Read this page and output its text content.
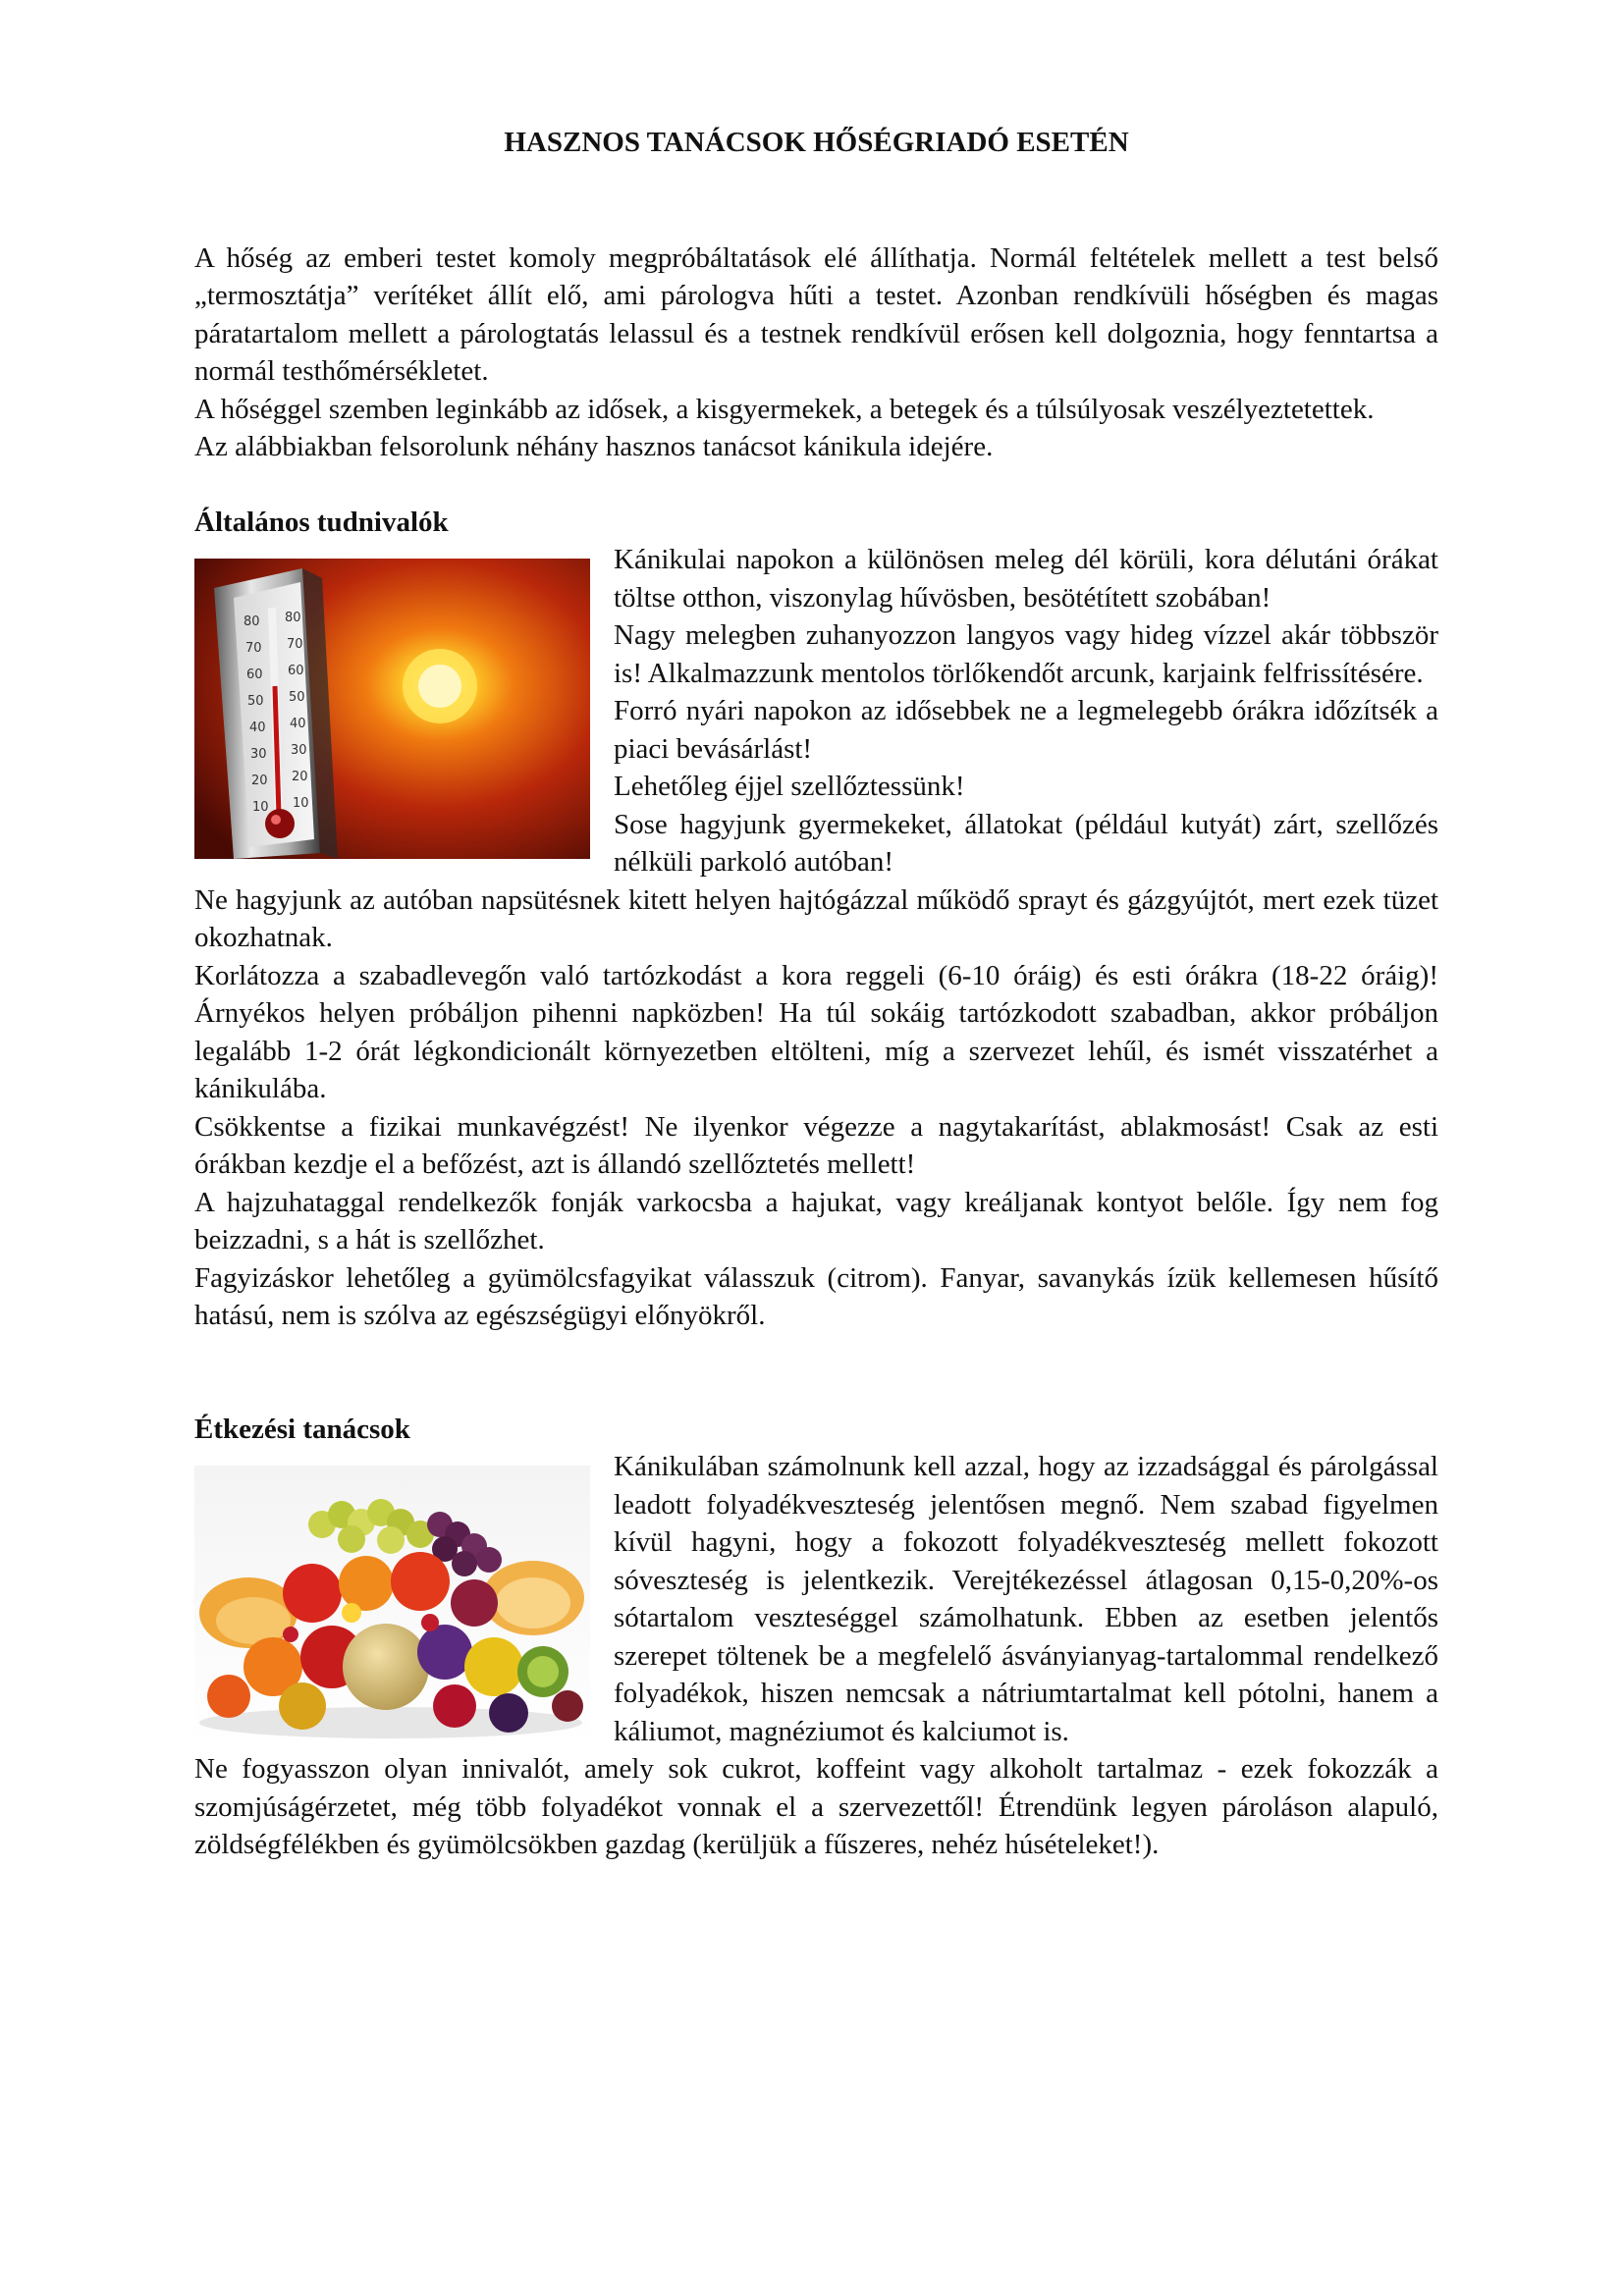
HASZNOS TANÁCSOK HŐSÉGRIADÓ ESETÉN

A hőség az emberi testet komoly megpróbáltatások elé állíthatja. Normál feltételek mellett a test belső „termosztátja” verítéket állít elő, ami párologva hűti a testet. Azonban rendkívüli hőségben és magas páratartalom mellett a párologtatás lelassul és a testnek rendkívül erősen kell dolgoznia, hogy fenntartsa a normál testhőmérsékletet.

A hőséggel szemben leginkább az idősek, a kisgyermekek, a betegek és a túlsúlyosak veszélyeztetettek.

Az alábbiakban felsorolunk néhány hasznos tanácsot kánikula idejére.

Általános tudnivalók
80
70
60
50
40
30
20
10
80
70
60
50
40
30
20
10

Kánikulai napokon a különösen meleg dél körüli, kora délutáni órákat töltse otthon, viszonylag hűvösben, besötétített szobában!

Nagy melegben zuhanyozzon langyos vagy hideg vízzel akár többször is! Alkalmazzunk mentolos törlőkendőt arcunk, karjaink felfrissítésére.

Forró nyári napokon az idősebbek ne a legmelegebb órákra időzítsék a piaci bevásárlást!

Lehetőleg éjjel szellőztessünk!

Sose hagyjunk gyermekeket, állatokat (például kutyát) zárt, szellőzés nélküli parkoló autóban!

Ne hagyjunk az autóban napsütésnek kitett helyen hajtógázzal működő sprayt és gázgyújtót, mert ezek tüzet okozhatnak.

Korlátozza a szabadlevegőn való tartózkodást a kora reggeli (6-10 óráig) és esti órákra (18-22 óráig)! Árnyékos helyen próbáljon pihenni napközben! Ha túl sokáig tartózkodott szabadban, akkor próbáljon legalább 1-2 órát légkondicionált környezetben eltölteni, míg a szervezet lehűl, és ismét visszatérhet a kánikulába.

Csökkentse a fizikai munkavégzést! Ne ilyenkor végezze a nagytakarítást, ablakmosást! Csak az esti órákban kezdje el a befőzést, azt is állandó szellőztetés mellett!

A hajzuhataggal rendelkezők fonják varkocsba a hajukat, vagy kreáljanak kontyot belőle. Így nem fog beizzadni, s a hát is szellőzhet.

Fagyizáskor lehetőleg a gyümölcsfagyikat válasszuk (citrom). Fanyar, savanykás ízük kellemesen hűsítő hatású, nem is szólva az egészségügyi előnyökről.

Étkezési tanácsok

Kánikulában számolnunk kell azzal, hogy az izzadsággal és párolgással leadott folyadékveszteség jelentősen megnő. Nem szabad figyelmen kívül hagyni, hogy a fokozott folyadékveszteség mellett fokozott sóveszteség is jelentkezik. Verejtékezéssel átlagosan 0,15-0,20%-os sótartalom veszteséggel számolhatunk. Ebben az esetben jelentős szerepet töltenek be a megfelelő ásványianyag-tartalommal rendelkező folyadékok, hiszen nemcsak a nátriumtartalmat kell pótolni, hanem a káliumot, magnéziumot és kalciumot is.

Ne fogyasszon olyan innivalót, amely sok cukrot, koffeint vagy alkoholt tartalmaz - ezek fokozzák a szomjúságérzetet, még több folyadékot vonnak el a szervezettől! Étrendünk legyen pároláson alapuló, zöldségfélékben és gyümölcsökben gazdag (kerüljük a fűszeres, nehéz húsételeket!).
